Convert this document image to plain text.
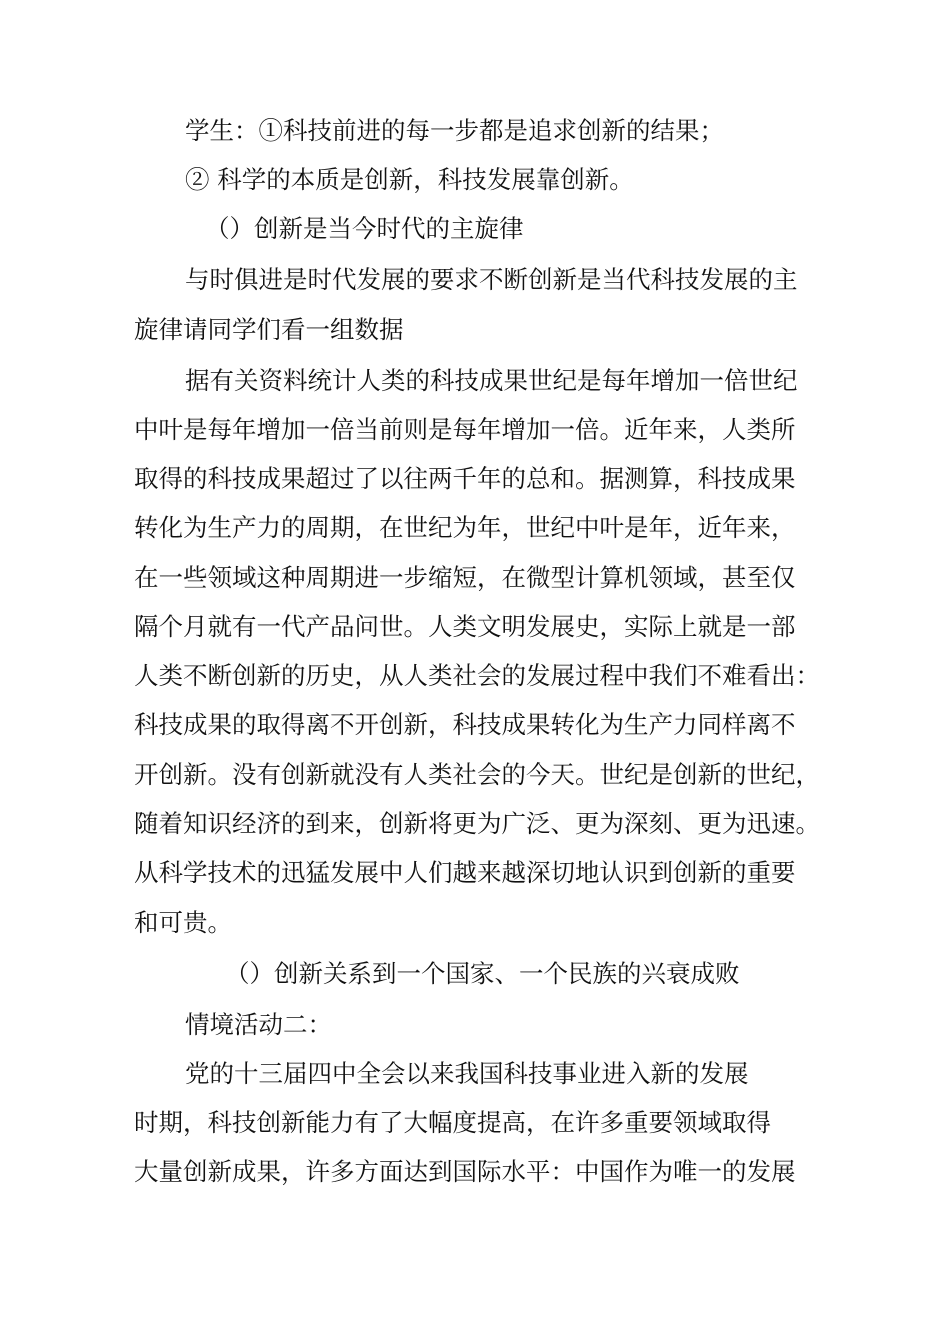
学生：①科技前进的每一步都是追求创新的结果；
② 科学的本质是创新，科技发展靠创新。
（）创新是当今时代的主旋律
与时俱进是时代发展的要求不断创新是当代科技发展的主
旋律请同学们看一组数据
据有关资料统计人类的科技成果世纪是每年增加一倍世纪
中叶是每年增加一倍当前则是每年增加一倍。近年来，人类所
取得的科技成果超过了以往两千年的总和。据测算，科技成果
转化为生产力的周期，在世纪为年，世纪中叶是年，近年来，
在一些领域这种周期进一步缩短，在微型计算机领域，甚至仅
隔个月就有一代产品问世。人类文明发展史，实际上就是一部
人类不断创新的历史，从人类社会的发展过程中我们不难看出：
科技成果的取得离不开创新，科技成果转化为生产力同样离不
开创新。没有创新就没有人类社会的今天。世纪是创新的世纪，
随着知识经济的到来，创新将更为广泛、更为深刻、更为迅速。
从科学技术的迅猛发展中人们越来越深切地认识到创新的重要
和可贵。
（）创新关系到一个国家、一个民族的兴衰成败
情境活动二：
党的十三届四中全会以来我国科技事业进入新的发展
时期，科技创新能力有了大幅度提高，在许多重要领域取得
大量创新成果，许多方面达到国际水平：中国作为唯一的发展
